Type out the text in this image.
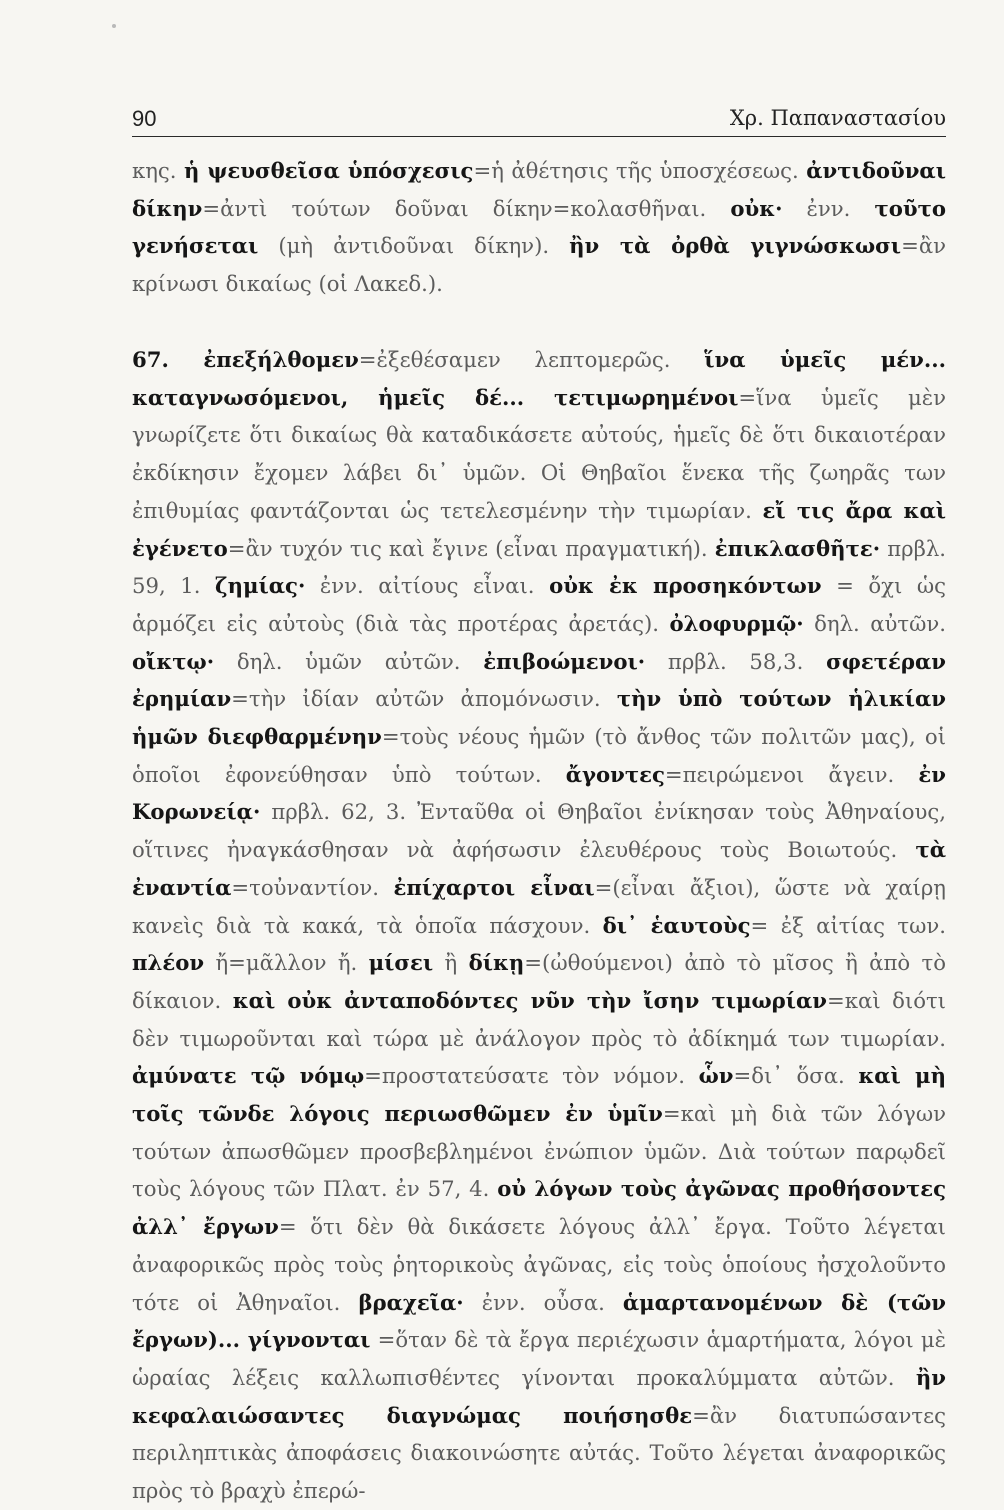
90	Χρ. Παπαναστασίου
κης. ἡ ψευσθεῖσα ὑπόσχεσις=ἡ ἀθέτησις τῆς ὑποσχέσεως. ἀντιδοῦναι δίκην=ἀντὶ τούτων δοῦναι δίκην=κολασθῆναι. οὐκ· ἐνν. τοῦτο γενήσεται (μὴ ἀντιδοῦναι δίκην). ἢν τὰ ὀρθὰ γιγνώσκωσι=ἂν κρίνωσι δικαίως (οἱ Λακεδ.).
67. ἐπεξήλθομεν=ἐξεθέσαμεν λεπτομερῶς. ἵνα ὑμεῖς μέν... καταγνωσόμενοι, ἡμεῖς δέ... τετιμωρημένοι=ἵνα ὑμεῖς μὲν γνωρίζετε ὅτι δικαίως θὰ καταδικάσετε αὐτούς, ἡμεῖς δὲ ὅτι δικαιοτέραν ἐκδίκησιν ἔχομεν λάβει δι᾽ ὑμῶν. Οἱ Θηβαῖοι ἕνεκα τῆς ζωηρᾶς των ἐπιθυμίας φαντάζονται ὡς τετελεσμένην τὴν τιμωρίαν. εἴ τις ἄρα καὶ ἐγένετο=ἂν τυχόν τις καὶ ἔγινε (εἶναι πραγματική). ἐπικλασθῆτε· πρβλ. 59, 1. ζημίας· ἐνν. αἰτίους εἶναι. οὐκ ἐκ προσηκόντων = ὄχι ὡς ἁρμόζει εἰς αὐτοὺς (διὰ τὰς προτέρας ἀρετάς). ὀλοφυρμῷ· δηλ. αὐτῶν. οἴκτῳ· δηλ. ὑμῶν αὐτῶν. ἐπιβοώμενοι· πρβλ. 58,3. σφετέραν ἐρημίαν=τὴν ἰδίαν αὐτῶν ἀπομόνωσιν. τὴν ὑπὸ τούτων ἡλικίαν ἡμῶν διεφθαρμένην=τοὺς νέους ἡμῶν (τὸ ἄνθος τῶν πολιτῶν μας), οἱ ὁποῖοι ἐφονεύθησαν ὑπὸ τούτων. ἄγοντες=πειρώμενοι ἄγειν. ἐν Κορωνείᾳ· πρβλ. 62, 3. Ἐνταῦθα οἱ Θηβαῖοι ἐνίκησαν τοὺς Ἀθηναίους, οἵτινες ἠναγκάσθησαν νὰ ἀφήσωσιν ἐλευθέρους τοὺς Βοιωτούς. τὰ ἐναντία=τοὐναντίον. ἐπίχαρτοι εἶναι=(εἶναι ἄξιοι), ὥστε νὰ χαίρῃ κανεὶς διὰ τὰ κακά, τὰ ὁποῖα πάσχουν. δι᾽ ἑαυτοὺς= ἐξ αἰτίας των. πλέον ἤ=μᾶλλον ἤ. μίσει ἢ δίκῃ=(ὠθούμενοι) ἀπὸ τὸ μῖσος ἢ ἀπὸ τὸ δίκαιον. καὶ οὐκ ἀνταποδόντες νῦν τὴν ἴσην τιμωρίαν=καὶ διότι δὲν τιμωροῦνται καὶ τώρα μὲ ἀνάλογον πρὸς τὸ ἀδίκημά των τιμωρίαν. ἀμύνατε τῷ νόμῳ=προστατεύσατε τὸν νόμον. ὧν=δι᾽ ὅσα. καὶ μὴ τοῖς τῶνδε λόγοις περιωσθῶμεν ἐν ὑμῖν=καὶ μὴ διὰ τῶν λόγων τούτων ἀπωσθῶμεν προσβεβλημένοι ἐνώπιον ὑμῶν. Διὰ τούτων παρῳδεῖ τοὺς λόγους τῶν Πλατ. ἐν 57, 4. οὐ λόγων τοὺς ἀγῶνας προθήσοντες ἀλλ᾽ ἔργων= ὅτι δὲν θὰ δικάσετε λόγους ἀλλ᾽ ἔργα. Τοῦτο λέγεται ἀναφορικῶς πρὸς τοὺς ῥητορικοὺς ἀγῶνας, εἰς τοὺς ὁποίους ἠσχολοῦντο τότε οἱ Ἀθηναῖοι. βραχεῖα· ἐνν. οὖσα. ἁμαρτανομένων δὲ (τῶν ἔργων)... γίγνονται =ὅταν δὲ τὰ ἔργα περιέχωσιν ἁμαρτήματα, λόγοι μὲ ὡραίας λέξεις καλλωπισθέντες γίνονται προκαλύμματα αὐτῶν. ἢν κεφαλαιώσαντες διαγνώμας ποιήσησθε=ἂν διατυπώσαντες περιληπτικὰς ἀποφάσεις διακοινώσητε αὐτάς. Τοῦτο λέγεται ἀναφορικῶς πρὸς τὸ βραχὺ ἐπερώ-
